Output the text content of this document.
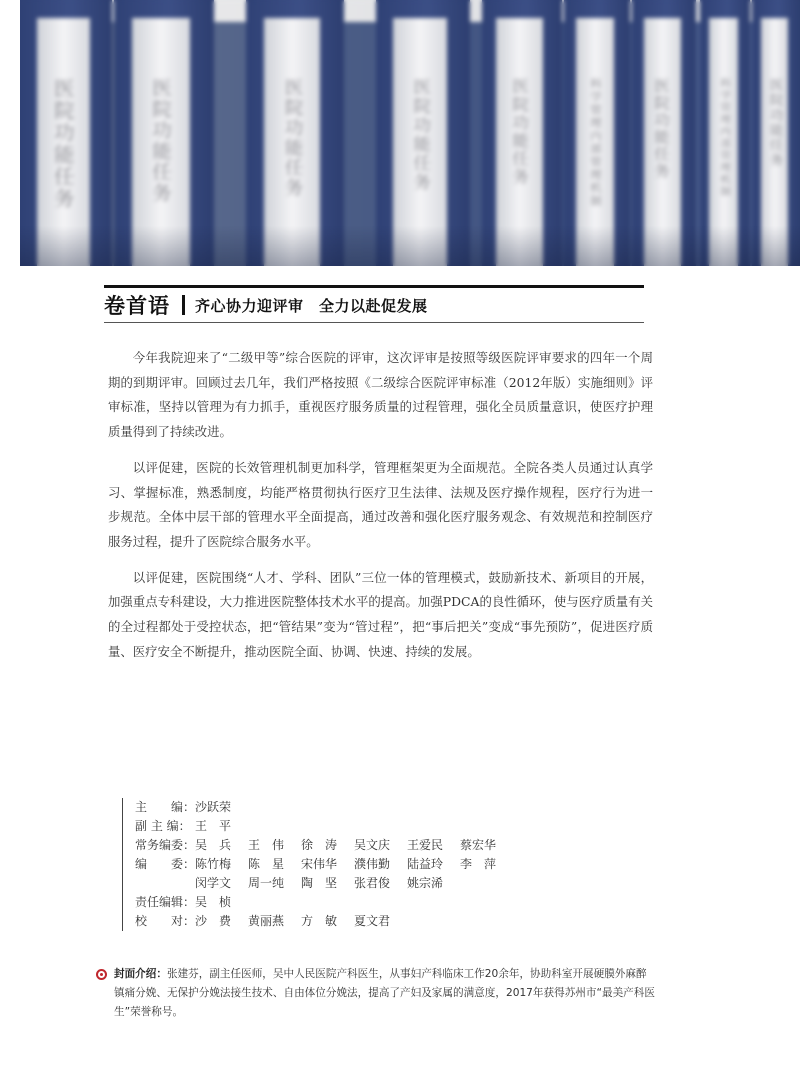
医院功能任务	医院功能任务	医院功能任务	医院功能任务	医院功能任务	科学管理内部管理机制	医院功能任务	科学管理内部管理机制	医院功能任务
卷首语 齐心协力迎评审　全力以赴促发展

今年我院迎来了“二级甲等”综合医院的评审，这次评审是按照等级医院评审要求的四年一个周期的到期评审。回顾过去几年，我们严格按照《二级综合医院评审标准（2012年版）实施细则》评审标准，坚持以管理为有力抓手，重视医疗服务质量的过程管理，强化全员质量意识，使医疗护理质量得到了持续改进。

以评促建，医院的长效管理机制更加科学，管理框架更为全面规范。全院各类人员通过认真学习、掌握标准，熟悉制度，均能严格贯彻执行医疗卫生法律、法规及医疗操作规程，医疗行为进一步规范。全体中层干部的管理水平全面提高，通过改善和强化医疗服务观念、有效规范和控制医疗服务过程，提升了医院综合服务水平。

以评促建，医院围绕“人才、学科、团队”三位一体的管理模式，鼓励新技术、新项目的开展，加强重点专科建设，大力推进医院整体技术水平的提高。加强PDCA的良性循环，使与医疗质量有关的全过程都处于受控状态，把“管结果”变为“管过程”，把“事后把关”变成“事先预防”，促进医疗质量、医疗安全不断提升，推动医院全面、协调、快速、持续的发展。

主　　编： 沙跃荣
副 主 编： 王　平
常务编委： 吴　兵	王　伟	徐　涛	吴文庆	王爱民	蔡宏华
编　　委： 陈竹梅	陈　星	宋伟华	濮伟勤	陆益玲	李　萍
闵学文	周一纯	陶　坚	张君俊	姚宗浠
责任编辑： 吴　桢
校　　对： 沙　费	黄丽燕	方　敏	夏文君
封面介绍：张建芬，副主任医师，吴中人民医院产科医生，从事妇产科临床工作20余年，协助科室开展硬膜外麻醉镇痛分娩、无保护分娩法接生技术、自由体位分娩法，提高了产妇及家属的满意度，2017年获得苏州市“最美产科医生”荣誉称号。
